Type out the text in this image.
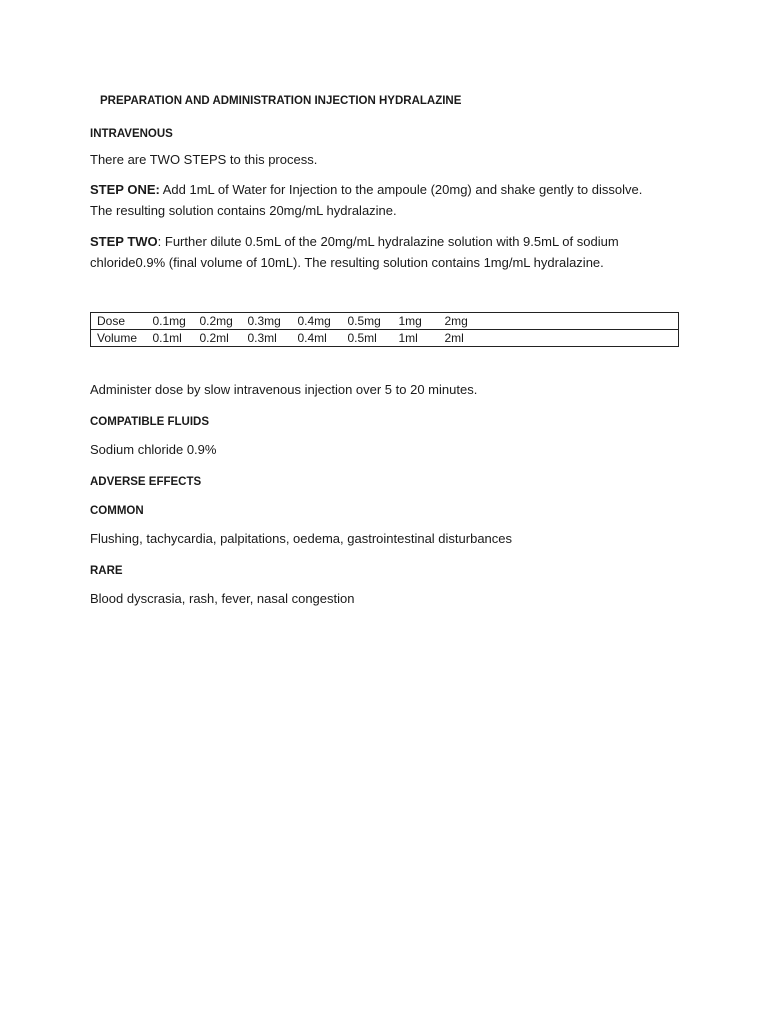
PREPARATION AND ADMINISTRATION INJECTION HYDRALAZINE
INTRAVENOUS
There are TWO STEPS to this process.
STEP ONE: Add 1mL of Water for Injection to the ampoule (20mg) and shake gently to dissolve.
The resulting solution contains 20mg/mL hydralazine.
STEP TWO: Further dilute 0.5mL of the 20mg/mL hydralazine solution with 9.5mL of sodium
chloride0.9% (final volume of 10mL). The resulting solution contains 1mg/mL hydralazine.
Dose	0.1mg	0.2mg	0.3mg	0.4mg	0.5mg	1mg	2mg
Volume	0.1ml	0.2ml	0.3ml	0.4ml	0.5ml	1ml	2ml
Administer dose by slow intravenous injection over 5 to 20 minutes.
COMPATIBLE FLUIDS
Sodium chloride 0.9%
ADVERSE EFFECTS
COMMON
Flushing, tachycardia, palpitations, oedema, gastrointestinal disturbances
RARE
Blood dyscrasia, rash, fever, nasal congestion
